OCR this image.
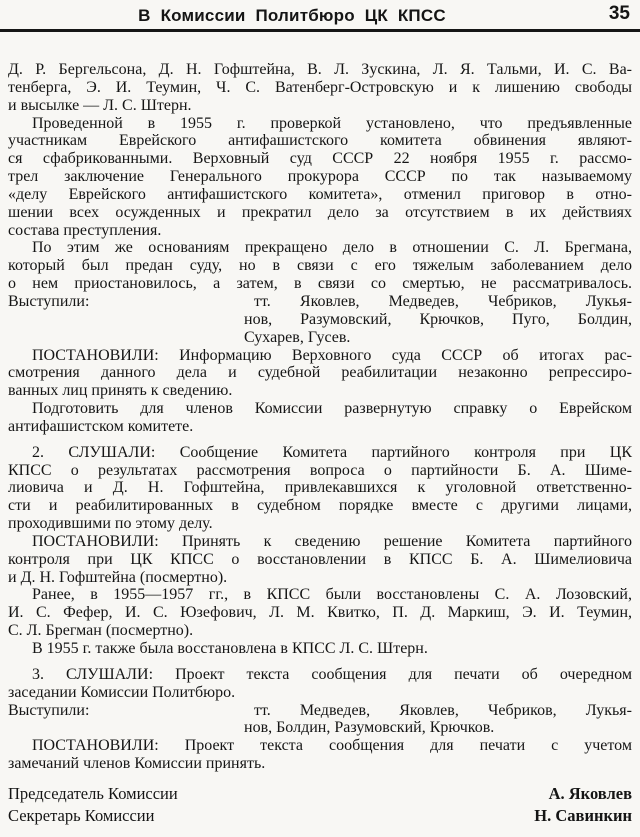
В Комиссии Политбюро ЦК КПСС	35
Д. Р. Бергельсона, Д. Н. Гофштейна, В. Л. Зускина, Л. Я. Тальми, И. С. Ва-
тенберга, Э. И. Теумин, Ч. С. Ватенберг-Островскую и к лишению свободы
и высылке — Л. С. Штерн.
Проведенной в 1955 г. проверкой установлено, что предъявленные
участникам Еврейского антифашистского комитета обвинения являют-
ся сфабрикованными. Верховный суд СССР 22 ноября 1955 г. рассмо-
трел заключение Генерального прокурора СССР по так называемому
«делу Еврейского антифашистского комитета», отменил приговор в отно-
шении всех осужденных и прекратил дело за отсутствием в их действиях
состава преступления.
По этим же основаниям прекращено дело в отношении С. Л. Брегмана,
который был предан суду, но в связи с его тяжелым заболеванием дело
о нем приостановилось, а затем, в связи со смертью, не рассматривалось.
Выступили:	тт. Яковлев, Медведев, Чебриков, Лукья-
нов, Разумовский, Крючков, Пуго, Болдин,
Сухарев, Гусев.
ПОСТАНОВИЛИ: Информацию Верховного суда СССР об итогах рас-
смотрения данного дела и судебной реабилитации незаконно репрессиро-
ванных лиц принять к сведению.
Подготовить для членов Комиссии развернутую справку о Еврейском
антифашистском комитете.
2. СЛУШАЛИ: Сообщение Комитета партийного контроля при ЦК
КПСС о результатах рассмотрения вопроса о партийности Б. А. Шиме-
лиовича и Д. Н. Гофштейна, привлекавшихся к уголовной ответственно-
сти и реабилитированных в судебном порядке вместе с другими лицами,
проходившими по этому делу.
ПОСТАНОВИЛИ: Принять к сведению решение Комитета партийного
контроля при ЦК КПСС о восстановлении в КПСС Б. А. Шимелиовича
и Д. Н. Гофштейна (посмертно).
Ранее, в 1955—1957 гг., в КПСС были восстановлены С. А. Лозовский,
И. С. Фефер, И. С. Юзефович, Л. М. Квитко, П. Д. Маркиш, Э. И. Теумин,
С. Л. Брегман (посмертно).
В 1955 г. также была восстановлена в КПСС Л. С. Штерн.
3. СЛУШАЛИ: Проект текста сообщения для печати об очередном
заседании Комиссии Политбюро.
Выступили:	тт. Медведев, Яковлев, Чебриков, Лукья-
нов, Болдин, Разумовский, Крючков.
ПОСТАНОВИЛИ: Проект текста сообщения для печати с учетом
замечаний членов Комиссии принять.
Председатель Комиссии	А. Яковлев
Секретарь Комиссии	Н. Савинкин
